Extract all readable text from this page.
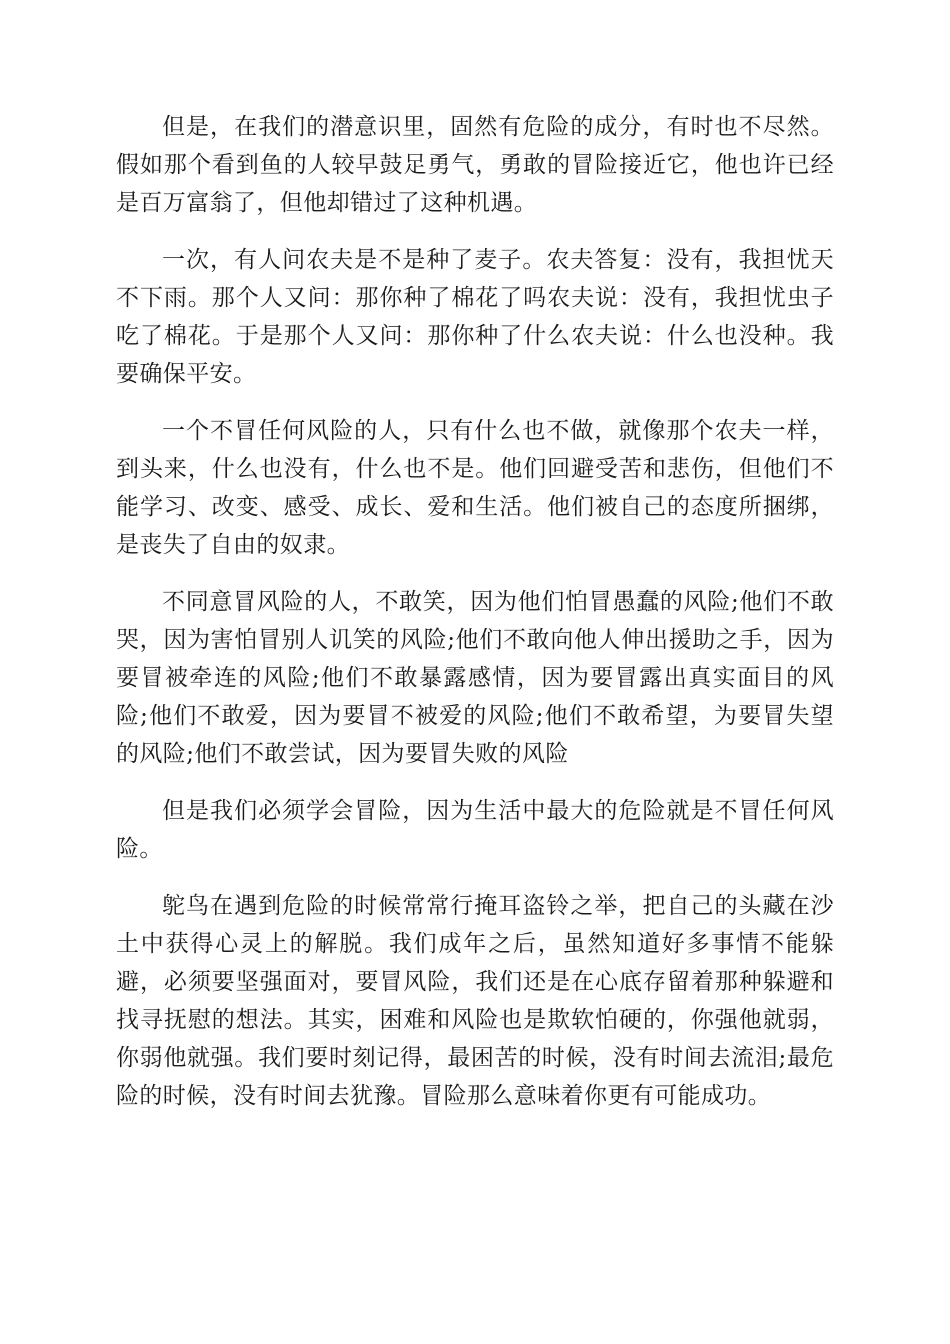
但是，在我们的潜意识里，固然有危险的成分，有时也不尽然。假如那个看到鱼的人较早鼓足勇气，勇敢的冒险接近它，他也许已经是百万富翁了，但他却错过了这种机遇。

一次，有人问农夫是不是种了麦子。农夫答复：没有，我担忧天不下雨。那个人又问：那你种了棉花了吗农夫说：没有，我担忧虫子吃了棉花。于是那个人又问：那你种了什么农夫说：什么也没种。我要确保平安。

一个不冒任何风险的人，只有什么也不做，就像那个农夫一样，到头来，什么也没有，什么也不是。他们回避受苦和悲伤，但他们不能学习、改变、感受、成长、爱和生活。他们被自己的态度所捆绑，是丧失了自由的奴隶。

不同意冒风险的人，不敢笑，因为他们怕冒愚蠢的风险;他们不敢哭，因为害怕冒别人讥笑的风险;他们不敢向他人伸出援助之手，因为要冒被牵连的风险;他们不敢暴露感情，因为要冒露出真实面目的风险;他们不敢爱，因为要冒不被爱的风险;他们不敢希望，为要冒失望的风险;他们不敢尝试，因为要冒失败的风险

但是我们必须学会冒险，因为生活中最大的危险就是不冒任何风险。

鸵鸟在遇到危险的时候常常行掩耳盗铃之举，把自己的头藏在沙土中获得心灵上的解脱。我们成年之后，虽然知道好多事情不能躲避，必须要坚强面对，要冒风险，我们还是在心底存留着那种躲避和找寻抚慰的想法。其实，困难和风险也是欺软怕硬的，你强他就弱，你弱他就强。我们要时刻记得，最困苦的时候，没有时间去流泪;最危险的时候，没有时间去犹豫。冒险那么意味着你更有可能成功。
